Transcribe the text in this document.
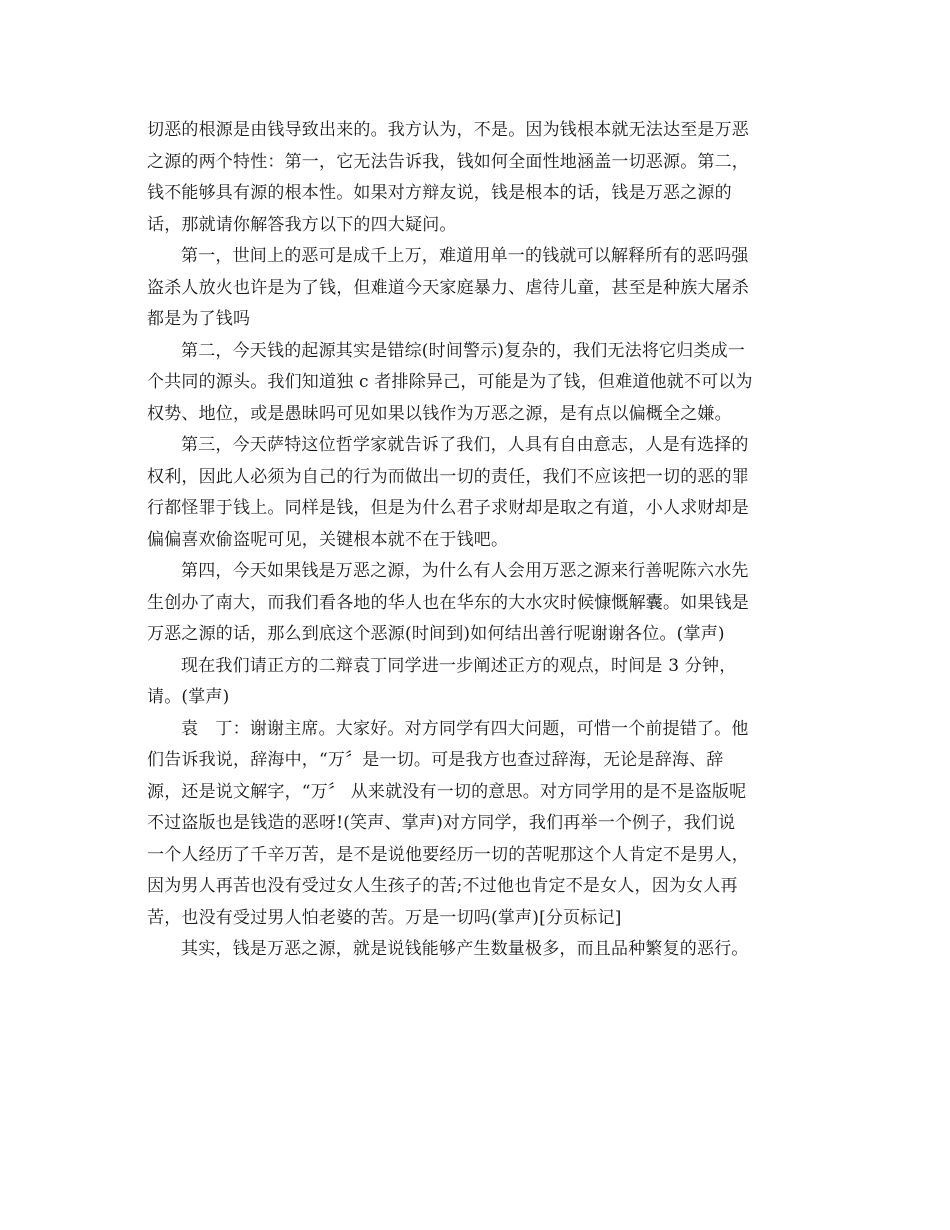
切恶的根源是由钱导致出来的。我方认为，不是。因为钱根本就无法达至是万恶
之源的两个特性：第一，它无法告诉我，钱如何全面性地涵盖一切恶源。第二，
钱不能够具有源的根本性。如果对方辩友说，钱是根本的话，钱是万恶之源的
话，那就请你解答我方以下的四大疑问。
第一，世间上的恶可是成千上万，难道用单一的钱就可以解释所有的恶吗强
盗杀人放火也许是为了钱，但难道今天家庭暴力、虐待儿童，甚至是种族大屠杀
都是为了钱吗
第二，今天钱的起源其实是错综(时间警示)复杂的，我们无法将它归类成一
个共同的源头。我们知道独 c 者排除异己，可能是为了钱，但难道他就不可以为
权势、地位，或是愚昧吗可见如果以钱作为万恶之源，是有点以偏概全之嫌。
第三，今天萨特这位哲学家就告诉了我们，人具有自由意志，人是有选择的
权利，因此人必须为自己的行为而做出一切的责任，我们不应该把一切的恶的罪
行都怪罪于钱上。同样是钱，但是为什么君子求财却是取之有道，小人求财却是
偏偏喜欢偷盗呢可见，关键根本就不在于钱吧。
第四，今天如果钱是万恶之源，为什么有人会用万恶之源来行善呢陈六水先
生创办了南大，而我们看各地的华人也在华东的大水灾时候慷慨解囊。如果钱是
万恶之源的话，那么到底这个恶源(时间到)如何结出善行呢谢谢各位。(掌声)
现在我们请正方的二辩袁丁同学进一步阐述正方的观点，时间是 3 分钟，
请。(掌声)
袁　丁：谢谢主席。大家好。对方同学有四大问题，可惜一个前提错了。他
们告诉我说，辞海中，“万〞是一切。可是我方也查过辞海，无论是辞海、辞
源，还是说文解字，“万〞 从来就没有一切的意思。对方同学用的是不是盗版呢
不过盗版也是钱造的恶呀!(笑声、掌声)对方同学，我们再举一个例子，我们说
一个人经历了千辛万苦，是不是说他要经历一切的苦呢那这个人肯定不是男人，
因为男人再苦也没有受过女人生孩子的苦;不过他也肯定不是女人，因为女人再
苦，也没有受过男人怕老婆的苦。万是一切吗(掌声)[分页标记]
其实，钱是万恶之源，就是说钱能够产生数量极多，而且品种繁复的恶行。
